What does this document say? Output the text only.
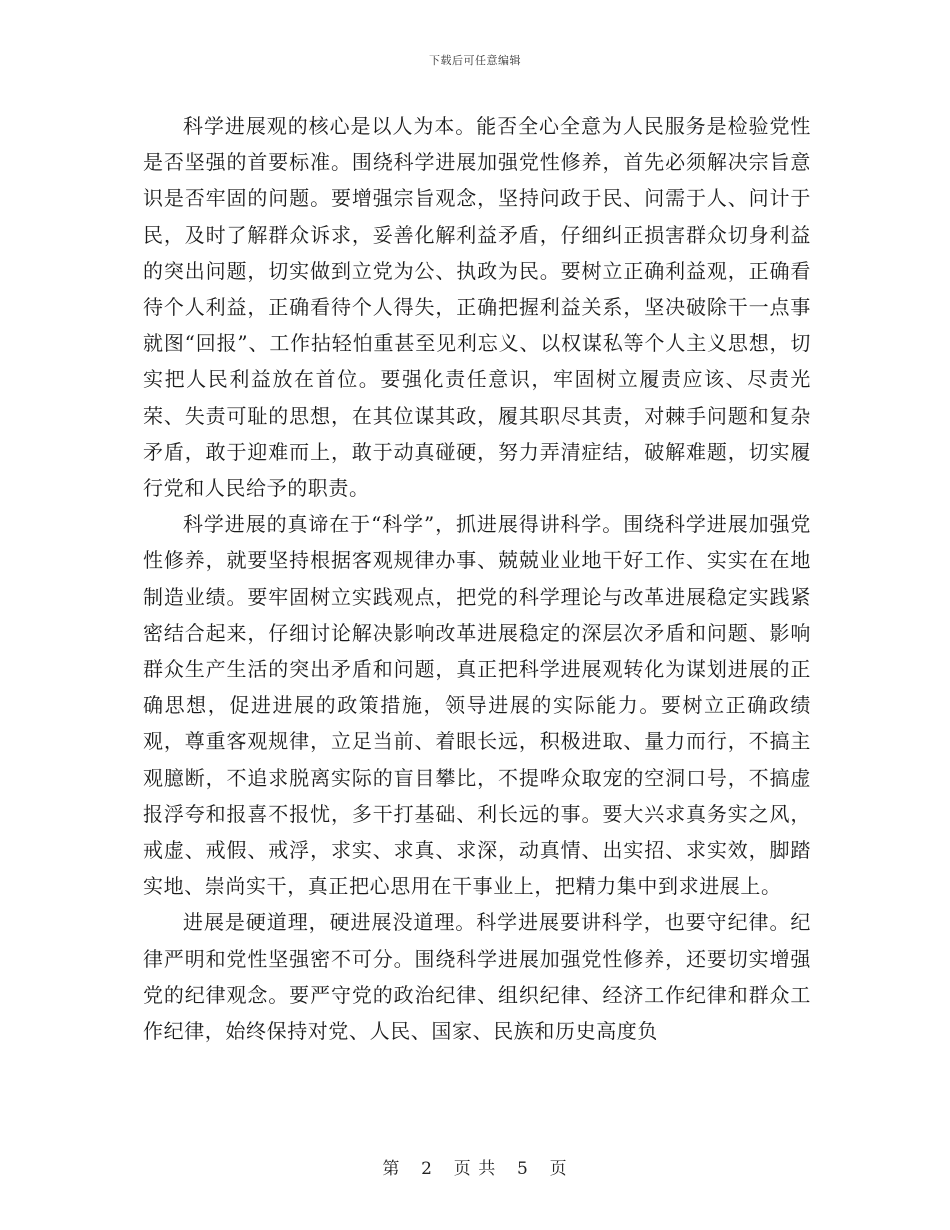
下载后可任意编辑

科学进展观的核心是以人为本。能否全心全意为人民服务是检验党性是否坚强的首要标准。围绕科学进展加强党性修养，首先必须解决宗旨意识是否牢固的问题。要增强宗旨观念，坚持问政于民、问需于人、问计于民，及时了解群众诉求，妥善化解利益矛盾，仔细纠正损害群众切身利益的突出问题，切实做到立党为公、执政为民。要树立正确利益观，正确看待个人利益，正确看待个人得失，正确把握利益关系，坚决破除干一点事就图“回报”、工作拈轻怕重甚至见利忘义、以权谋私等个人主义思想，切实把人民利益放在首位。要强化责任意识，牢固树立履责应该、尽责光荣、失责可耻的思想，在其位谋其政，履其职尽其责，对棘手问题和复杂矛盾，敢于迎难而上，敢于动真碰硬，努力弄清症结，破解难题，切实履行党和人民给予的职责。

科学进展的真谛在于“科学”，抓进展得讲科学。围绕科学进展加强党性修养，就要坚持根据客观规律办事、兢兢业业地干好工作、实实在在地制造业绩。要牢固树立实践观点，把党的科学理论与改革进展稳定实践紧密结合起来，仔细讨论解决影响改革进展稳定的深层次矛盾和问题、影响群众生产生活的突出矛盾和问题，真正把科学进展观转化为谋划进展的正确思想，促进进展的政策措施，领导进展的实际能力。要树立正确政绩观，尊重客观规律，立足当前、着眼长远，积极进取、量力而行，不搞主观臆断，不追求脱离实际的盲目攀比，不提哗众取宠的空洞口号，不搞虚报浮夸和报喜不报忧，多干打基础、利长远的事。要大兴求真务实之风，戒虚、戒假、戒浮，求实、求真、求深，动真情、出实招、求实效，脚踏实地、崇尚实干，真正把心思用在干事业上，把精力集中到求进展上。

进展是硬道理，硬进展没道理。科学进展要讲科学，也要守纪律。纪律严明和党性坚强密不可分。围绕科学进展加强党性修养，还要切实增强党的纪律观念。要严守党的政治纪律、组织纪律、经济工作纪律和群众工作纪律，始终保持对党、人民、国家、民族和历史高度负

第 2 页 共 5 页
